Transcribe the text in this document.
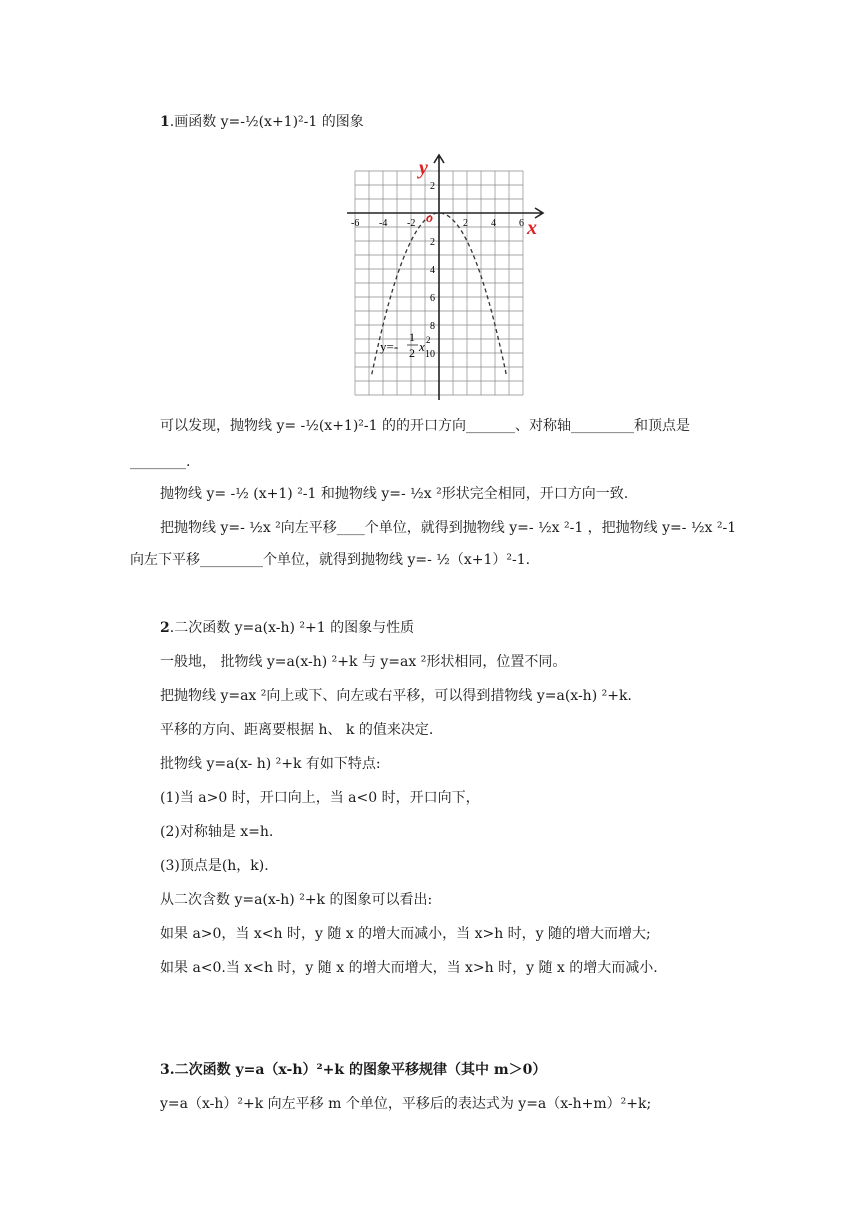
1.画函数 y=-½(x+1)²-1 的图象
-6 -4 -2	2 4 6
2
2
4
6
8
10
y
x
o
y=-
1
2 x 2
可以发现，抛物线 y= -½(x+1)²-1 的的开口方向_______、对称轴_________和顶点是
________.
抛物线 y= -½ (x+1) ²-1 和抛物线 y=- ½x ²形状完全相同，开口方向一致.
把抛物线 y=- ½x ²向左平移____个单位，就得到抛物线 y=- ½x ²-1 ，把抛物线 y=- ½x ²-1
向左下平移_________个单位，就得到抛物线 y=- ½（x+1）²-1.
2.二次函数 y=a(x-h) ²+1 的图象与性质
一般地， 批物线 y=a(x-h) ²+k 与 y=ax ²形状相同，位置不同。
把抛物线 y=ax ²向上或下、向左或右平移，可以得到措物线 y=a(x-h) ²+k.
平移的方向、距离要根据 h、 k 的值来决定.
批物线 y=a(x- h) ²+k 有如下特点:
(1)当 a>0 时，开口向上，当 a<0 时，开口向下，
(2)对称轴是 x=h.
(3)顶点是(h，k).
从二次含数 y=a(x-h) ²+k 的图象可以看出:
如果 a>0，当 x<h 时，y 随 x 的增大而减小，当 x>h 时，y 随的增大而增大;
如果 a<0.当 x<h 时，y 随 x 的增大而增大，当 x>h 时，y 随 x 的增大而减小.
3.二次函数 y=a（x-h）²+k 的图象平移规律（其中 m＞0）
y=a（x-h）²+k 向左平移 m 个单位，平移后的表达式为 y=a（x-h+m）²+k;
